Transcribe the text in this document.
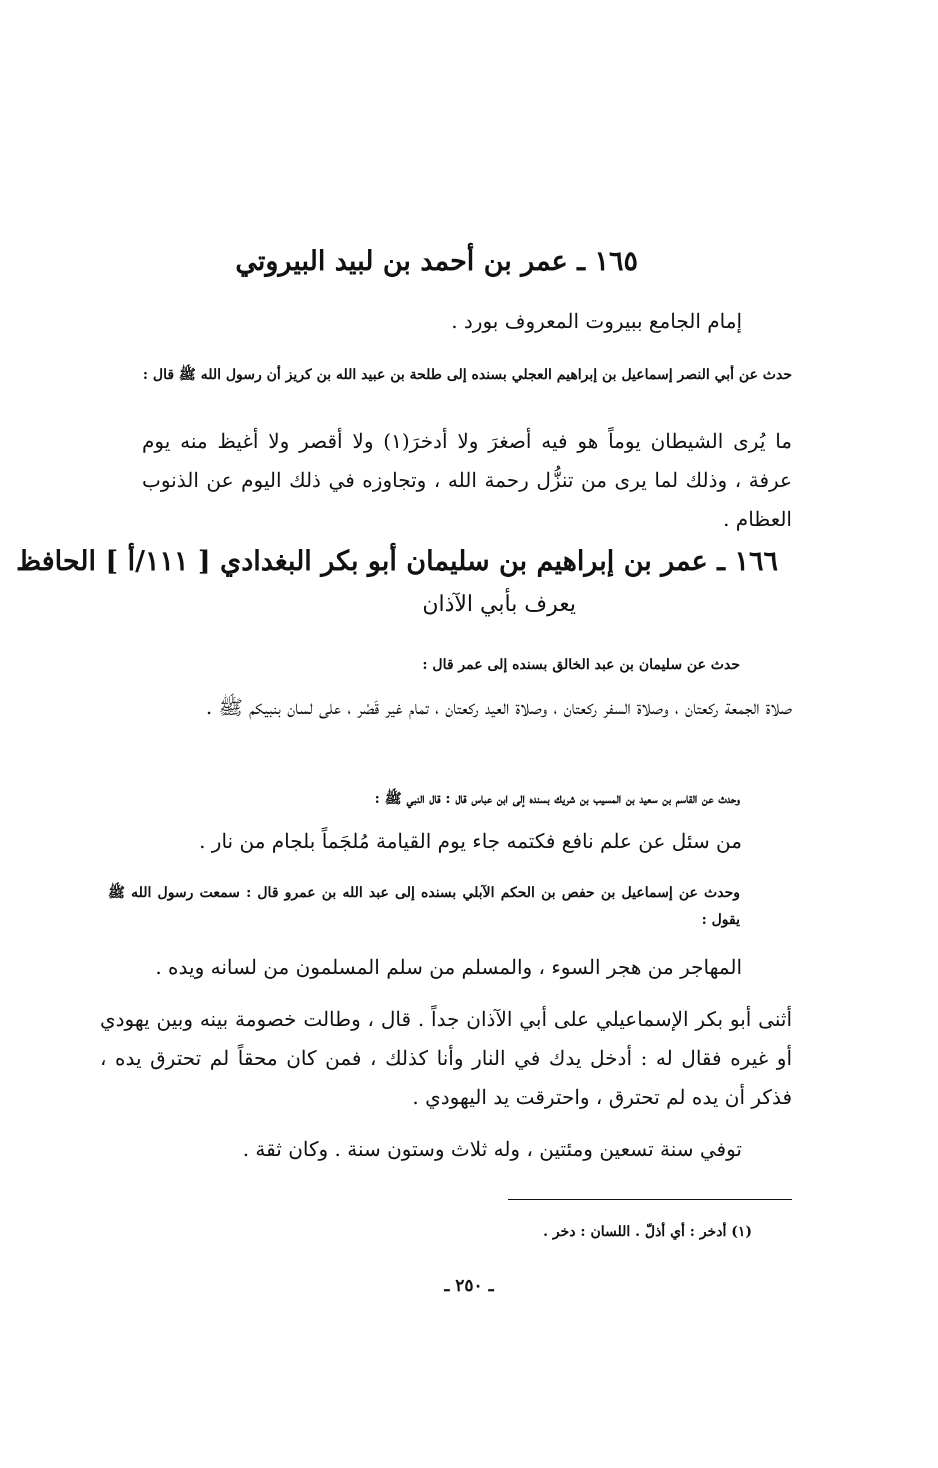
١٦٥ ـ عمر بن أحمد بن لبيد البيروتي
إمام الجامع ببيروت المعروف بورد .
حدث عن أبي النصر إسماعيل بن إبراهيم العجلي بسنده إلى طلحة بن عبيد الله بن كريز أن رسول الله ﷺ قال :
ما يُرى الشيطان يوماً هو فيه أصغرَ ولا أدخرَ(١) ولا أقصر ولا أغيظ منه يوم عرفة ، وذلك لما يرى من تنزُّل رحمة الله ، وتجاوزه في ذلك اليوم عن الذنوب العظام .
١٦٦ ـ عمر بن إبراهيم بن سليمان أبو بكر البغدادي [ ١١١/أ ] الحافظ
يعرف بأبي الآذان
حدث عن سليمان بن عبد الخالق بسنده إلى عمر قال :
صلاة الجمعة ركعتان ، وصلاة السفر ركعتان ، وصلاة العيد ركعتان ، تمام غير قَصْر ، على لسان بنبيكم ﷺ .
وحدث عن القاسم بن سعيد بن المسيب بن شريك بسنده إلى ابن عباس قال : قال النبي ﷺ :
من سئل عن علم نافع فكتمه جاء يوم القيامة مُلجَماً بلجام من نار .
وحدث عن إسماعيل بن حفص بن الحكم الآبلي بسنده إلى عبد الله بن عمرو قال : سمعت رسول الله ﷺ يقول :
المهاجر من هجر السوء ، والمسلم من سلم المسلمون من لسانه ويده .
أثنى أبو بكر الإسماعيلي على أبي الآذان جداً . قال ، وطالت خصومة بينه وبين يهودي أو غيره فقال له : أدخل يدك في النار وأنا كذلك ، فمن كان محقاً لم تحترق يده ، فذكر أن يده لم تحترق ، واحترقت يد اليهودي .
توفي سنة تسعين ومئتين ، وله ثلاث وستون سنة . وكان ثقة .
(١) أدخر : أي أذلّ . اللسان : دخر .
ـ ٢٥٠ ـ
